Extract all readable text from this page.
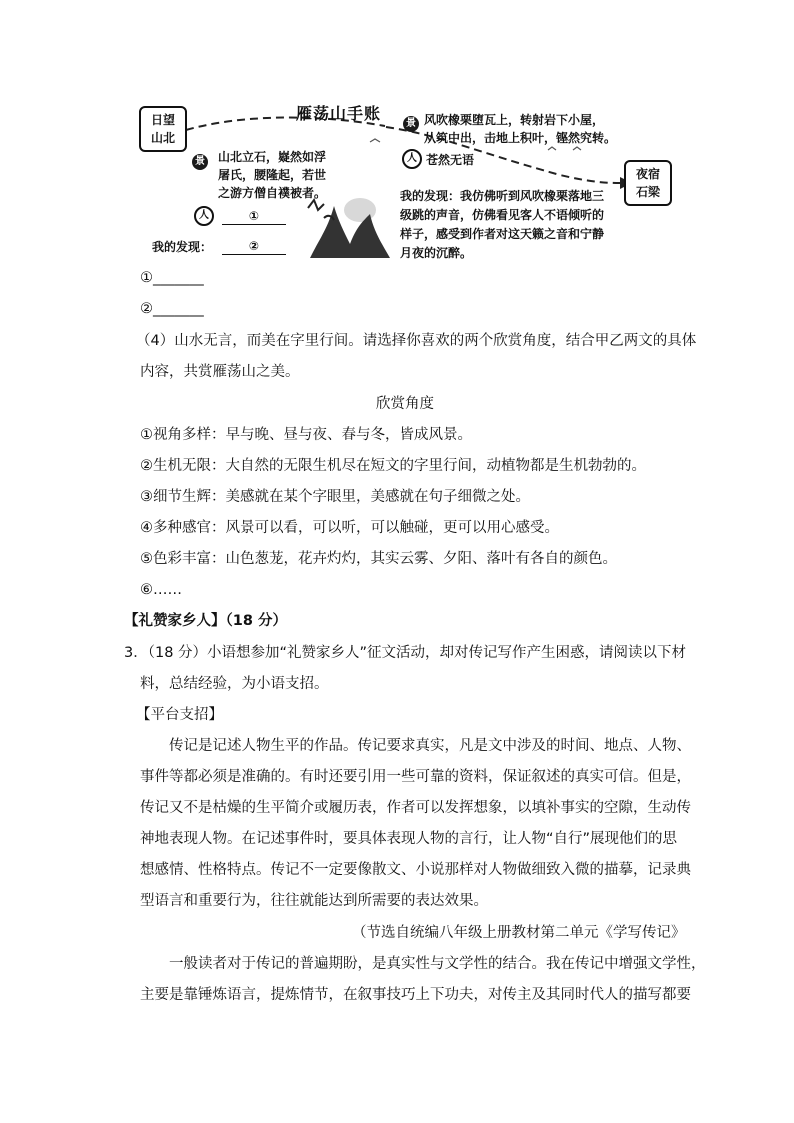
日望
山北
雁荡山手账
景 山北立石，嶷然如浮
屠氏，腰隆起，若世
之游方僧自襆被者。
人	①
我的发现：	②
景 风吹橡栗堕瓦上，转射岩下小屋，
从筑中出，击地上积叶，铿然究转。
人 苍然无语
夜宿
石梁
我的发现：我仿佛听到风吹橡栗落地三
级跳的声音，仿佛看见客人不语倾听的
样子，感受到作者对这天籁之音和宁静
月夜的沉醉。
①_______
②_______
（4）山水无言，而美在字里行间。请选择你喜欢的两个欣赏角度，结合甲乙两文的具体
内容，共赏雁荡山之美。
欣赏角度
①视角多样：早与晚、昼与夜、春与冬，皆成风景。
②生机无限：大自然的无限生机尽在短文的字里行间，动植物都是生机勃勃的。
③细节生辉：美感就在某个字眼里，美感就在句子细微之处。
④多种感官：风景可以看，可以听，可以触碰，更可以用心感受。
⑤色彩丰富：山色葱茏，花卉灼灼，其实云雾、夕阳、落叶有各自的颜色。
⑥……
【礼赞家乡人】（18 分）
3．（18 分）小语想参加“礼赞家乡人”征文活动，却对传记写作产生困惑，请阅读以下材
料，总结经验，为小语支招。
【平台支招】
传记是记述人物生平的作品。传记要求真实，凡是文中涉及的时间、地点、人物、
事件等都必须是准确的。有时还要引用一些可靠的资料，保证叙述的真实可信。但是，
传记又不是枯燥的生平简介或履历表，作者可以发挥想象，以填补事实的空隙，生动传
神地表现人物。在记述事件时，要具体表现人物的言行，让人物“自行”展现他们的思
想感情、性格特点。传记不一定要像散文、小说那样对人物做细致入微的描摹，记录典
型语言和重要行为，往往就能达到所需要的表达效果。
（节选自统编八年级上册教材第二单元《学写传记》
一般读者对于传记的普遍期盼，是真实性与文学性的结合。我在传记中增强文学性，
主要是靠锤炼语言，提炼情节，在叙事技巧上下功夫，对传主及其同时代人的描写都要
